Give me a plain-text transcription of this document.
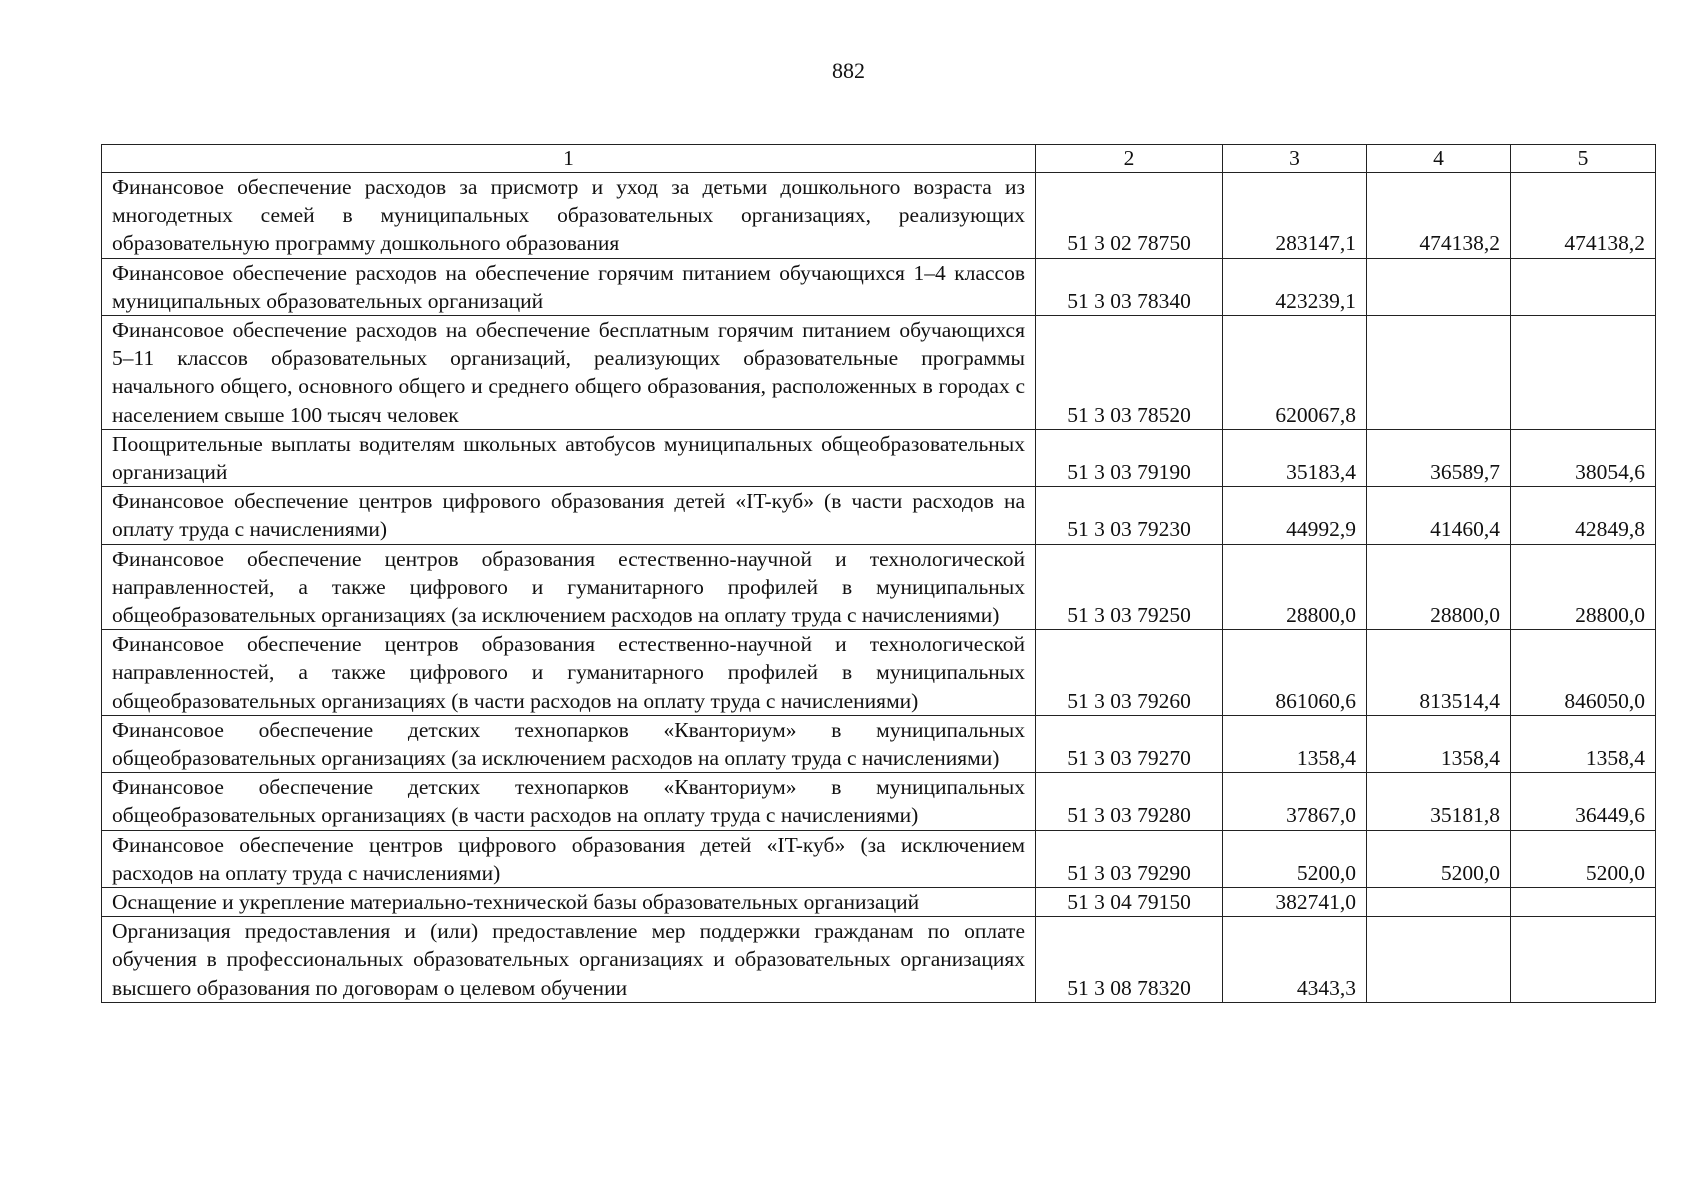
882
1	2	3	4	5
Финансовое обеспечение расходов за присмотр и уход за детьми дошкольного возраста из многодетных семей в муниципальных образовательных организациях, реализующих образовательную программу дошкольного образования	51 3 02 78750	283147,1	474138,2	474138,2
Финансовое обеспечение расходов на обеспечение горячим питанием обучающихся 1–4 классов муниципальных образовательных организаций	51 3 03 78340	423239,1		
Финансовое обеспечение расходов на обеспечение бесплатным горячим питанием обучающихся 5–11 классов образовательных организаций, реализующих образовательные программы начального общего, основного общего и среднего общего образования, расположенных в городах с населением свыше 100 тысяч человек	51 3 03 78520	620067,8		
Поощрительные выплаты водителям школьных автобусов муниципальных общеобразовательных организаций	51 3 03 79190	35183,4	36589,7	38054,6
Финансовое обеспечение центров цифрового образования детей «IT-куб» (в части расходов на оплату труда с начислениями)	51 3 03 79230	44992,9	41460,4	42849,8
Финансовое обеспечение центров образования естественно-научной и технологической направленностей, а также цифрового и гуманитарного профилей в муниципальных общеобразовательных организациях (за исключением расходов на оплату труда с начислениями)	51 3 03 79250	28800,0	28800,0	28800,0
Финансовое обеспечение центров образования естественно-научной и технологической направленностей, а также цифрового и гуманитарного профилей в муниципальных общеобразовательных организациях (в части расходов на оплату труда с начислениями)	51 3 03 79260	861060,6	813514,4	846050,0
Финансовое обеспечение детских технопарков «Кванториум» в муниципальных общеобразовательных организациях (за исключением расходов на оплату труда с начислениями)	51 3 03 79270	1358,4	1358,4	1358,4
Финансовое обеспечение детских технопарков «Кванториум» в муниципальных общеобразовательных организациях (в части расходов на оплату труда с начислениями)	51 3 03 79280	37867,0	35181,8	36449,6
Финансовое обеспечение центров цифрового образования детей «IT-куб» (за исключением расходов на оплату труда с начислениями)	51 3 03 79290	5200,0	5200,0	5200,0
Оснащение и укрепление материально-технической базы образовательных организаций	51 3 04 79150	382741,0		
Организация предоставления и (или) предоставление мер поддержки гражданам по оплате обучения в профессиональных образовательных организациях и образовательных организациях высшего образования по договорам о целевом обучении	51 3 08 78320	4343,3		
